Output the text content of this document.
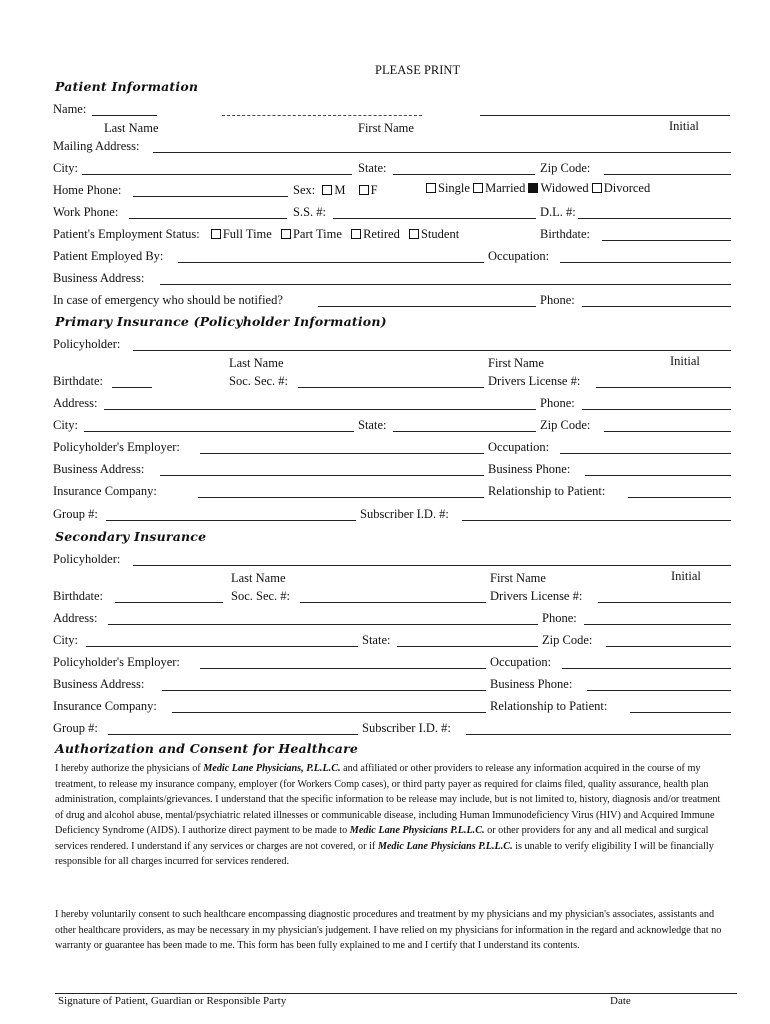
PLEASE PRINT
Patient Information
Name:
Last Name	First Name	Initial
Mailing Address:
City:	State:	Zip Code:
Home Phone:	Sex: M F	Single Married Widowed Divorced
Work Phone:	S.S. #:	D.L. #:
Patient's Employment Status: Full Time Part Time Retired Student	Birthdate:
Patient Employed By:	Occupation:
Business Address:
In case of emergency who should be notified?	Phone:
Primary Insurance (Policyholder Information)
Policyholder:
Last Name	First Name	Initial
Birthdate:	Soc. Sec. #:	Drivers License #:
Address:	Phone:
City:	State:	Zip Code:
Policyholder's Employer:	Occupation:
Business Address:	Business Phone:
Insurance Company:	Relationship to Patient:
Group #:	Subscriber I.D. #:
Secondary Insurance
Policyholder:
Last Name	First Name	Initial
Birthdate:	Soc. Sec. #:	Drivers License #:
Address:	Phone:
City:	State:	Zip Code:
Policyholder's Employer:	Occupation:
Business Address:	Business Phone:
Insurance Company:	Relationship to Patient:
Group #:	Subscriber I.D. #:
Authorization and Consent for Healthcare
I hereby authorize the physicians of Medic Lane Physicians, P.L.L.C. and affiliated or other providers to release any information acquired in the course of my treatment, to release my insurance company, employer (for Workers Comp cases), or third party payer as required for claims filed, quality assurance, health plan administration, complaints/grievances. I understand that the specific information to be release may include, but is not limited to, history, diagnosis and/or treatment of drug and alcohol abuse, mental/psychiatric related illnesses or communicable disease, including Human Immunodeficiency Virus (HIV) and Acquired Immune Deficiency Syndrome (AIDS). I authorize direct payment to be made to Medic Lane Physicians P.L.L.C. or other providers for any and all medical and surgical services rendered. I understand if any services or charges are not covered, or if Medic Lane Physicians P.L.L.C. is unable to verify eligibility I will be financially responsible for all charges incurred for services rendered.
I hereby voluntarily consent to such healthcare encompassing diagnostic procedures and treatment by my physicians and my physician's associates, assistants and other healthcare providers, as may be necessary in my physician's judgement. I have relied on my physicians for information in the regard and acknowledge that no warranty or guarantee has been made to me. This form has been fully explained to me and I certify that I understand its contents.
Signature of Patient, Guardian or Responsible Party	Date
